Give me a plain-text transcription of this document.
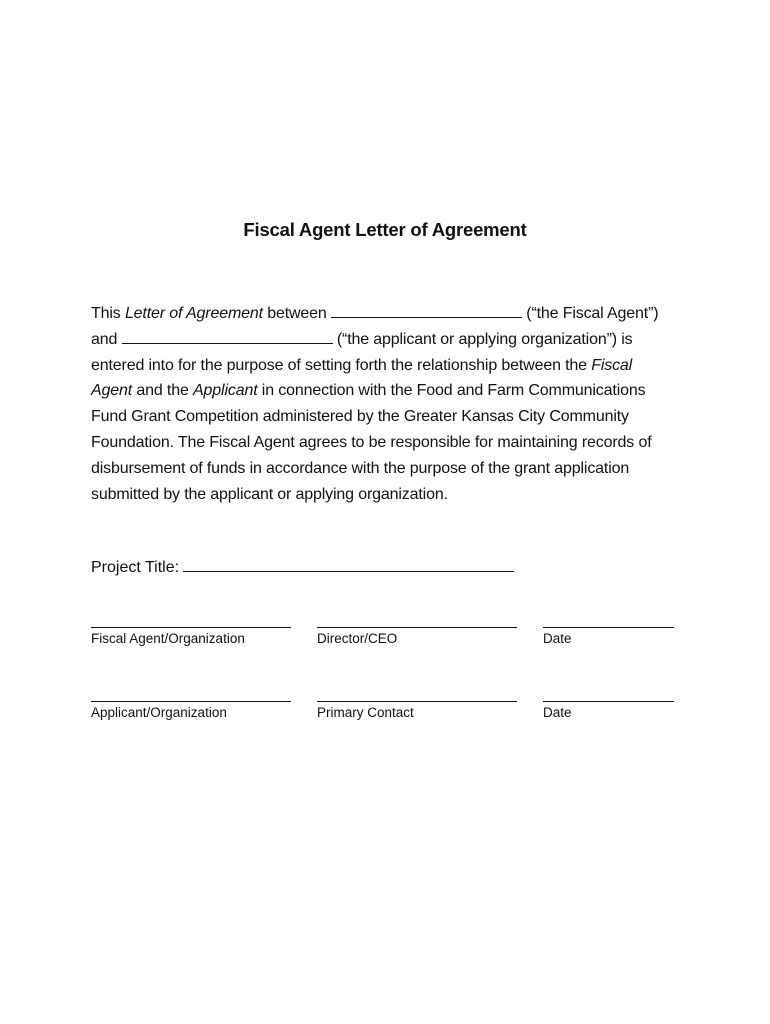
Fiscal Agent Letter of Agreement
This Letter of Agreement between	(“the Fiscal Agent”)
and	(“the applicant or applying organization”) is
entered into for the purpose of setting forth the relationship between the Fiscal
Agent and the Applicant in connection with the Food and Farm Communications
Fund Grant Competition administered by the Greater Kansas City Community
Foundation. The Fiscal Agent agrees to be responsible for maintaining records of
disbursement of funds in accordance with the purpose of the grant application
submitted by the applicant or applying organization.
Project Title:
Fiscal Agent/Organization	Director/CEO	Date
Applicant/Organization	Primary Contact	Date
